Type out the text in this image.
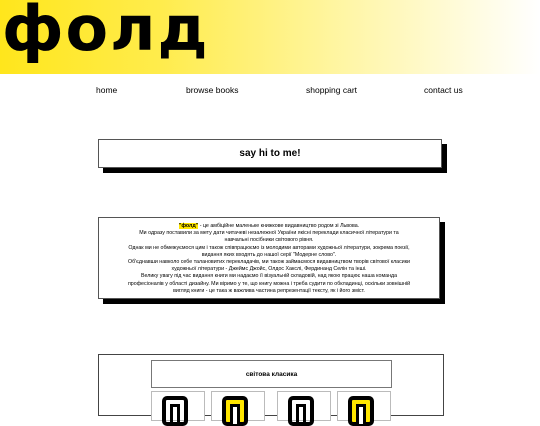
фолд
home	browse books	shopping cart	contact us
say hi to me!
"фолд" - це амбіційне маленьке книжкове видавництво родом зі Львова.
Ми одразу поставили за мету дати читачеві незалежної України якісні переклади класичної літератури та
навчальні посібники світового рівня.
Однак ми не обмежуємося цим і також співпрацюємо із молодими авторами художньої літератури, зокрема поезії,
видання яких входять до нашої серії "Модерне слово".
Об'єднавши навколо себе талановитих перекладачів, ми також займаємося видавництвом творів світової класики
художньої літератури - Джеймс Джойс, Олдос Хакслі, Фердинанд Селін та інші.
Велику увагу під час видання книги ми надаємо її візуальній складовій, над якою працює наша команда
професіоналів у області дизайну. Ми віримо у те, що книгу можна і треба судити по обкладинці, оскільки зовнішній
вигляд книги - це така ж важлива частина репрезентації тексту, як і його зміст.
світова класика
